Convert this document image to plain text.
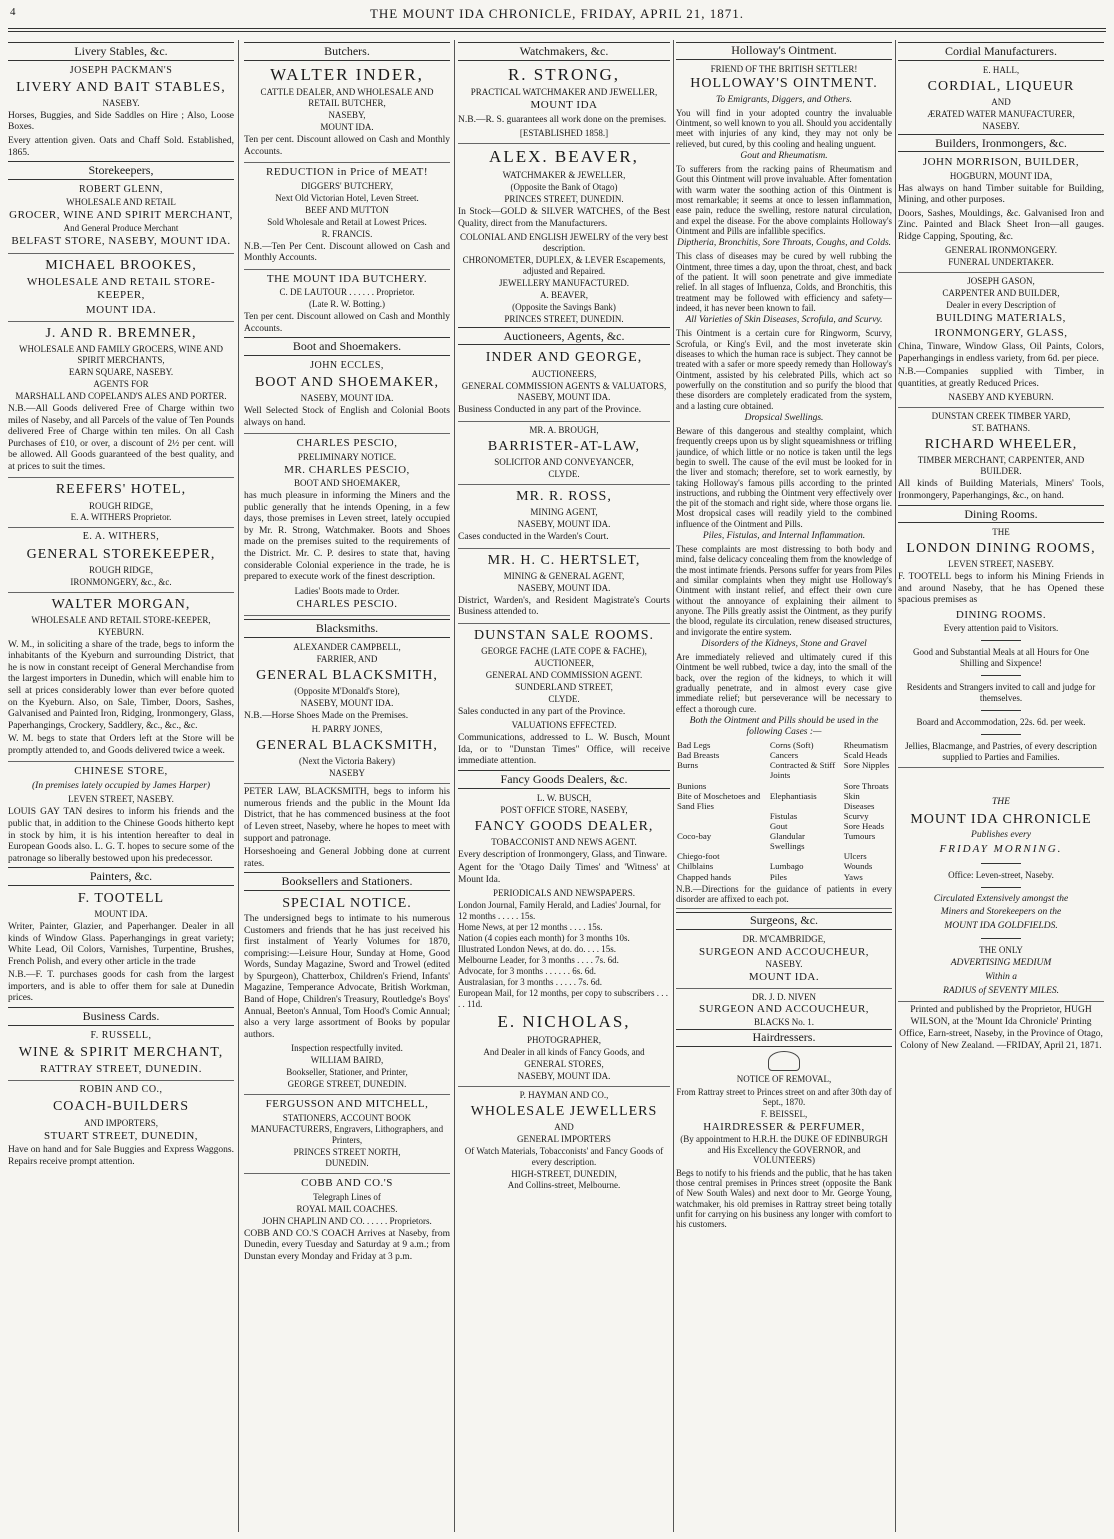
4	THE MOUNT IDA CHRONICLE, FRIDAY, APRIL 21, 1871.
Livery Stables, &c.
JOSEPH PACKMAN'S
LIVERY AND BAIT STABLES,
NASEBY.
Horses, Buggies, and Side Saddles on Hire ; Also, Loose Boxes.
Every attention given. Oats and Chaff Sold. Established, 1865.
Storekeepers,
ROBERT GLENN,
WHOLESALE AND RETAIL
GROCER, WINE AND SPIRIT MERCHANT,
And General Produce Merchant
BELFAST STORE, NASEBY, MOUNT IDA.
MICHAEL BROOKES,
WHOLESALE AND RETAIL STORE-KEEPER,
MOUNT IDA.
J. AND R. BREMNER,
WHOLESALE AND FAMILY GROCERS, WINE AND SPIRIT MERCHANTS,
EARN SQUARE, NASEBY.
AGENTS FOR
MARSHALL AND COPELAND'S ALES AND PORTER.
N.B.—All Goods delivered Free of Charge within two miles of Naseby, and all Parcels of the value of Ten Pounds delivered Free of Charge within ten miles. On all Cash Purchases of £10, or over, a discount of 2½ per cent. will be allowed. All Goods guaranteed of the best quality, and at prices to suit the times.
REEFERS' HOTEL,
ROUGH RIDGE,
E. A. WITHERS Proprietor.
E. A. WITHERS,
GENERAL STOREKEEPER,
ROUGH RIDGE,
IRONMONGERY, &c., &c.
WALTER MORGAN,
WHOLESALE AND RETAIL STORE-KEEPER,
KYEBURN.
W. M., in soliciting a share of the trade, begs to inform the inhabitants of the Kyeburn and surrounding District, that he is now in constant receipt of General Merchandise from the largest importers in Dunedin, which will enable him to sell at prices considerably lower than ever before quoted on the Kyeburn. Also, on Sale, Timber, Doors, Sashes, Galvanised and Painted Iron, Ridging, Ironmongery, Glass, Paperhangings, Crockery, Saddlery, &c., &c., &c.
W. M. begs to state that Orders left at the Store will be promptly attended to, and Goods delivered twice a week.
CHINESE STORE,
(In premises lately occupied by James Harper)
LEVEN STREET, NASEBY.
LOUIS GAY TAN desires to inform his friends and the public that, in addition to the Chinese Goods hitherto kept in stock by him, it is his intention hereafter to deal in European Goods also. L. G. T. hopes to secure some of the patronage so liberally bestowed upon his predecessor.
Painters, &c.
F. TOOTELL
MOUNT IDA.
Writer, Painter, Glazier, and Paperhanger. Dealer in all kinds of Window Glass. Paperhangings in great variety; White Lead, Oil Colors, Varnishes, Turpentine, Brushes, French Polish, and every other article in the trade
N.B.—F. T. purchases goods for cash from the largest importers, and is able to offer them for sale at Dunedin prices.
Business Cards.
F. RUSSELL,
WINE & SPIRIT MERCHANT,
RATTRAY STREET, DUNEDIN.
ROBIN AND CO.,
COACH-BUILDERS
AND IMPORTERS,
STUART STREET, DUNEDIN,
Have on hand and for Sale Buggies and Express Waggons. Repairs receive prompt attention.
Butchers.
WALTER INDER,
CATTLE DEALER, AND WHOLESALE AND RETAIL BUTCHER,
NASEBY,
MOUNT IDA.
Ten per cent. Discount allowed on Cash and Monthly Accounts.
REDUCTION in Price of MEAT!
DIGGERS' BUTCHERY,
Next Old Victorian Hotel, Leven Street.
BEEF AND MUTTON
Sold Wholesale and Retail at Lowest Prices.
R. FRANCIS.
N.B.—Ten Per Cent. Discount allowed on Cash and Monthly Accounts.
THE MOUNT IDA BUTCHERY.
C. DE LAUTOUR . . . . . . Proprietor.
(Late R. W. Botting.)
Ten per cent. Discount allowed on Cash and Monthly Accounts.
Boot and Shoemakers.
JOHN ECCLES,
BOOT AND SHOEMAKER,
NASEBY, MOUNT IDA.
Well Selected Stock of English and Colonial Boots always on hand.
CHARLES PESCIO,
PRELIMINARY NOTICE.
MR. CHARLES PESCIO,
BOOT AND SHOEMAKER,
has much pleasure in informing the Miners and the public generally that he intends Opening, in a few days, those premises in Leven street, lately occupied by Mr. R. Strong, Watchmaker. Boots and Shoes made on the premises suited to the requirements of the District. Mr. C. P. desires to state that, having considerable Colonial experience in the trade, he is prepared to execute work of the finest description.
Ladies' Boots made to Order.
CHARLES PESCIO.
Blacksmiths.
ALEXANDER CAMPBELL,
FARRIER, AND
GENERAL BLACKSMITH,
(Opposite M'Donald's Store),
NASEBY, MOUNT IDA.
N.B.—Horse Shoes Made on the Premises.
H. PARRY JONES,
GENERAL BLACKSMITH,
(Next the Victoria Bakery)
NASEBY
PETER LAW, BLACKSMITH, begs to inform his numerous friends and the public in the Mount Ida District, that he has commenced business at the foot of Leven street, Naseby, where he hopes to meet with support and patronage.
Horseshoeing and General Jobbing done at current rates.
Booksellers and Stationers.
SPECIAL NOTICE.
The undersigned begs to intimate to his numerous Customers and friends that he has just received his first instalment of Yearly Volumes for 1870, comprising:—Leisure Hour, Sunday at Home, Good Words, Sunday Magazine, Sword and Trowel (edited by Spurgeon), Chatterbox, Children's Friend, Infants' Magazine, Temperance Advocate, British Workman, Band of Hope, Children's Treasury, Routledge's Boys' Annual, Beeton's Annual, Tom Hood's Comic Annual; also a very large assortment of Books by popular authors.
Inspection respectfully invited.
WILLIAM BAIRD,
Bookseller, Stationer, and Printer,
GEORGE STREET, DUNEDIN.
FERGUSSON AND MITCHELL,
STATIONERS, ACCOUNT BOOK MANUFACTURERS, Engravers, Lithographers, and Printers,
PRINCES STREET NORTH,
DUNEDIN.
COBB AND CO.'S
Telegraph Lines of
ROYAL MAIL COACHES.
JOHN CHAPLIN AND CO. . . . . . Proprietors.
COBB AND CO.'S COACH Arrives at Naseby, from Dunedin, every Tuesday and Saturday at 9 a.m.; from Dunstan every Monday and Friday at 3 p.m.
Watchmakers, &c.
R. STRONG,
PRACTICAL WATCHMAKER AND JEWELLER,
MOUNT IDA
N.B.—R. S. guarantees all work done on the premises.
[ESTABLISHED 1858.]
ALEX. BEAVER,
WATCHMAKER & JEWELLER,
(Opposite the Bank of Otago)
PRINCES STREET, DUNEDIN.
In Stock—GOLD & SILVER WATCHES, of the Best Quality, direct from the Manufacturers.
COLONIAL AND ENGLISH JEWELRY of the very best description.
CHRONOMETER, DUPLEX, & LEVER Escapements, adjusted and Repaired.
JEWELLERY MANUFACTURED.
A. BEAVER,
(Opposite the Savings Bank)
PRINCES STREET, DUNEDIN.
Auctioneers, Agents, &c.
INDER AND GEORGE,
AUCTIONEERS,
GENERAL COMMISSION AGENTS & VALUATORS,
NASEBY, MOUNT IDA.
Business Conducted in any part of the Province.
MR. A. BROUGH,
BARRISTER-AT-LAW,
SOLICITOR AND CONVEYANCER,
CLYDE.
MR. R. ROSS,
MINING AGENT,
NASEBY, MOUNT IDA.
Cases conducted in the Warden's Court.
MR. H. C. HERTSLET,
MINING & GENERAL AGENT,
NASEBY, MOUNT IDA.
District, Warden's, and Resident Magistrate's Courts Business attended to.
DUNSTAN SALE ROOMS.
GEORGE FACHE (LATE COPE & FACHE),
AUCTIONEER,
GENERAL AND COMMISSION AGENT.
SUNDERLAND STREET,
CLYDE.
Sales conducted in any part of the Province.
VALUATIONS EFFECTED.
Communications, addressed to L. W. Busch, Mount Ida, or to "Dunstan Times" Office, will receive immediate attention.
Fancy Goods Dealers, &c.
L. W. BUSCH,
POST OFFICE STORE, NASEBY,
FANCY GOODS DEALER,
TOBACCONIST AND NEWS AGENT.
Every description of Ironmongery, Glass, and Tinware.
Agent for the 'Otago Daily Times' and 'Witness' at Mount Ida.
PERIODICALS AND NEWSPAPERS.
London Journal, Family Herald, and Ladies' Journal, for 12 months . . . . . 15s.
Home News, at per 12 months . . . . 15s.
Nation (4 copies each month) for 3 months 10s.
Illustrated London News, at do. do. . . . 15s.
Melbourne Leader, for 3 months . . . . 7s. 6d.
Advocate, for 3 months . . . . . . 6s. 6d.
Australasian, for 3 months . . . . . 7s. 6d.
European Mail, for 12 months, per copy to subscribers . . . . . 11d.
E. NICHOLAS,
PHOTOGRAPHER,
And Dealer in all kinds of Fancy Goods, and
GENERAL STORES,
NASEBY, MOUNT IDA.
P. HAYMAN AND CO.,
WHOLESALE JEWELLERS
AND
GENERAL IMPORTERS
Of Watch Materials, Tobacconists' and Fancy Goods of every description.
HIGH-STREET, DUNEDIN,
And Collins-street, Melbourne.
Holloway's Ointment.
FRIEND OF THE BRITISH SETTLER!
HOLLOWAY'S OINTMENT.
To Emigrants, Diggers, and Others.
You will find in your adopted country the invaluable Ointment, so well known to you all. Should you accidentally meet with injuries of any kind, they may not only be relieved, but cured, by this cooling and healing unguent.
Gout and Rheumatism.
To sufferers from the racking pains of Rheumatism and Gout this Ointment will prove invaluable. After fomentation with warm water the soothing action of this Ointment is most remarkable; it seems at once to lessen inflammation, ease pain, reduce the swelling, restore natural circulation, and expel the disease. For the above complaints Holloway's Ointment and Pills are infallible specifics.
Diptheria, Bronchitis, Sore Throats, Coughs, and Colds.
This class of diseases may be cured by well rubbing the Ointment, three times a day, upon the throat, chest, and back of the patient. It will soon penetrate and give immediate relief. In all stages of Influenza, Colds, and Bronchitis, this treatment may be followed with efficiency and safety—indeed, it has never been known to fail.
All Varieties of Skin Diseases, Scrofula, and Scurvy.
This Ointment is a certain cure for Ringworm, Scurvy, Scrofula, or King's Evil, and the most inveterate skin diseases to which the human race is subject. They cannot be treated with a safer or more speedy remedy than Holloway's Ointment, assisted by his celebrated Pills, which act so powerfully on the constitution and so purify the blood that these disorders are completely eradicated from the system, and a lasting cure obtained.
Dropsical Swellings.
Beware of this dangerous and stealthy complaint, which frequently creeps upon us by slight squeamishness or trifling jaundice, of which little or no notice is taken until the legs begin to swell. The cause of the evil must be looked for in the liver and stomach; therefore, set to work earnestly, by taking Holloway's famous pills according to the printed instructions, and rubbing the Ointment very effectively over the pit of the stomach and right side, where those organs lie. Most dropsical cases will readily yield to the combined influence of the Ointment and Pills.
Piles, Fistulas, and Internal Inflammation.
These complaints are most distressing to both body and mind, false delicacy concealing them from the knowledge of the most intimate friends. Persons suffer for years from Piles and similar complaints when they might use Holloway's Ointment with instant relief, and effect their own cure without the annoyance of explaining their ailment to anyone. The Pills greatly assist the Ointment, as they purify the blood, regulate its circulation, renew diseased structures, and invigorate the entire system.
Disorders of the Kidneys, Stone and Gravel
Are immediately relieved and ultimately cured if this Ointment be well rubbed, twice a day, into the small of the back, over the region of the kidneys, to which it will gradually penetrate, and in almost every case give immediate relief; but perseverance will be necessary to effect a thorough cure.
Both the Ointment and Pills should be used in the following Cases :—
Bad Legs	Corns (Soft)	Rheumatism
Bad Breasts	Cancers	Scald Heads
Burns	Contracted & Stiff Joints	Sore Nipples
Bunions		Sore Throats
Bite of Moschetoes and Sand Flies	Elephantiasis	Skin Diseases
	Fistulas	Scurvy
	Gout	Sore Heads
Coco-bay	Glandular Swellings	Tumours
Chiego-foot		Ulcers
Chilblains	Lumbago	Wounds
Chapped hands	Piles	Yaws
N.B.—Directions for the guidance of patients in every disorder are affixed to each pot.
Surgeons, &c.
DR. M'CAMBRIDGE,
SURGEON AND ACCOUCHEUR,
NASEBY.
MOUNT IDA.
DR. J. D. NIVEN
SURGEON AND ACCOUCHEUR,
BLACKS No. 1.
Hairdressers.
NOTICE OF REMOVAL,
From Rattray street to Princes street on and after 30th day of Sept., 1870.
F. BEISSEL,
HAIRDRESSER & PERFUMER,
(By appointment to H.R.H. the DUKE OF EDINBURGH and His Excellency the GOVERNOR, and VOLUNTEERS)
Begs to notify to his friends and the public, that he has taken those central premises in Princes street (opposite the Bank of New South Wales) and next door to Mr. George Young, watchmaker, his old premises in Rattray street being totally unfit for carrying on his business any longer with comfort to his customers.
Cordial Manufacturers.
E. HALL,
CORDIAL, LIQUEUR
AND
ÆRATED WATER MANUFACTURER,
NASEBY.
Builders, Ironmongers, &c.
JOHN MORRISON, BUILDER,
HOGBURN, MOUNT IDA,
Has always on hand Timber suitable for Building, Mining, and other purposes.
Doors, Sashes, Mouldings, &c. Galvanised Iron and Zinc. Painted and Black Sheet Iron—all gauges. Ridge Capping, Spouting, &c.
GENERAL IRONMONGERY.
FUNERAL UNDERTAKER.
JOSEPH GASON,
CARPENTER AND BUILDER,
Dealer in every Description of
BUILDING MATERIALS,
IRONMONGERY, GLASS,
China, Tinware, Window Glass, Oil Paints, Colors, Paperhangings in endless variety, from 6d. per piece.
N.B.—Companies supplied with Timber, in quantities, at greatly Reduced Prices.
NASEBY AND KYEBURN.
DUNSTAN CREEK TIMBER YARD,
ST. BATHANS.
RICHARD WHEELER,
TIMBER MERCHANT, CARPENTER, AND BUILDER.
All kinds of Building Materials, Miners' Tools, Ironmongery, Paperhangings, &c., on hand.
Dining Rooms.
THE
LONDON DINING ROOMS,
LEVEN STREET, NASEBY.
F. TOOTELL begs to inform his Mining Friends in and around Naseby, that he has Opened these spacious premises as
DINING ROOMS.
Every attention paid to Visitors.
Good and Substantial Meals at all Hours for One Shilling and Sixpence!
Residents and Strangers invited to call and judge for themselves.
Board and Accommodation, 22s. 6d. per week.
Jellies, Blacmange, and Pastries, of every description supplied to Parties and Families.
THE
MOUNT IDA CHRONICLE
Publishes every
FRIDAY MORNING.
Office: Leven-street, Naseby.
Circulated Extensively amongst the
Miners and Storekeepers on the
MOUNT IDA GOLDFIELDS.
THE ONLY
ADVERTISING MEDIUM
Within a
RADIUS of SEVENTY MILES.
Printed and published by the Proprietor, HUGH WILSON, at the 'Mount Ida Chronicle' Printing Office, Earn-street, Naseby, in the Province of Otago, Colony of New Zealand. —FRIDAY, April 21, 1871.
